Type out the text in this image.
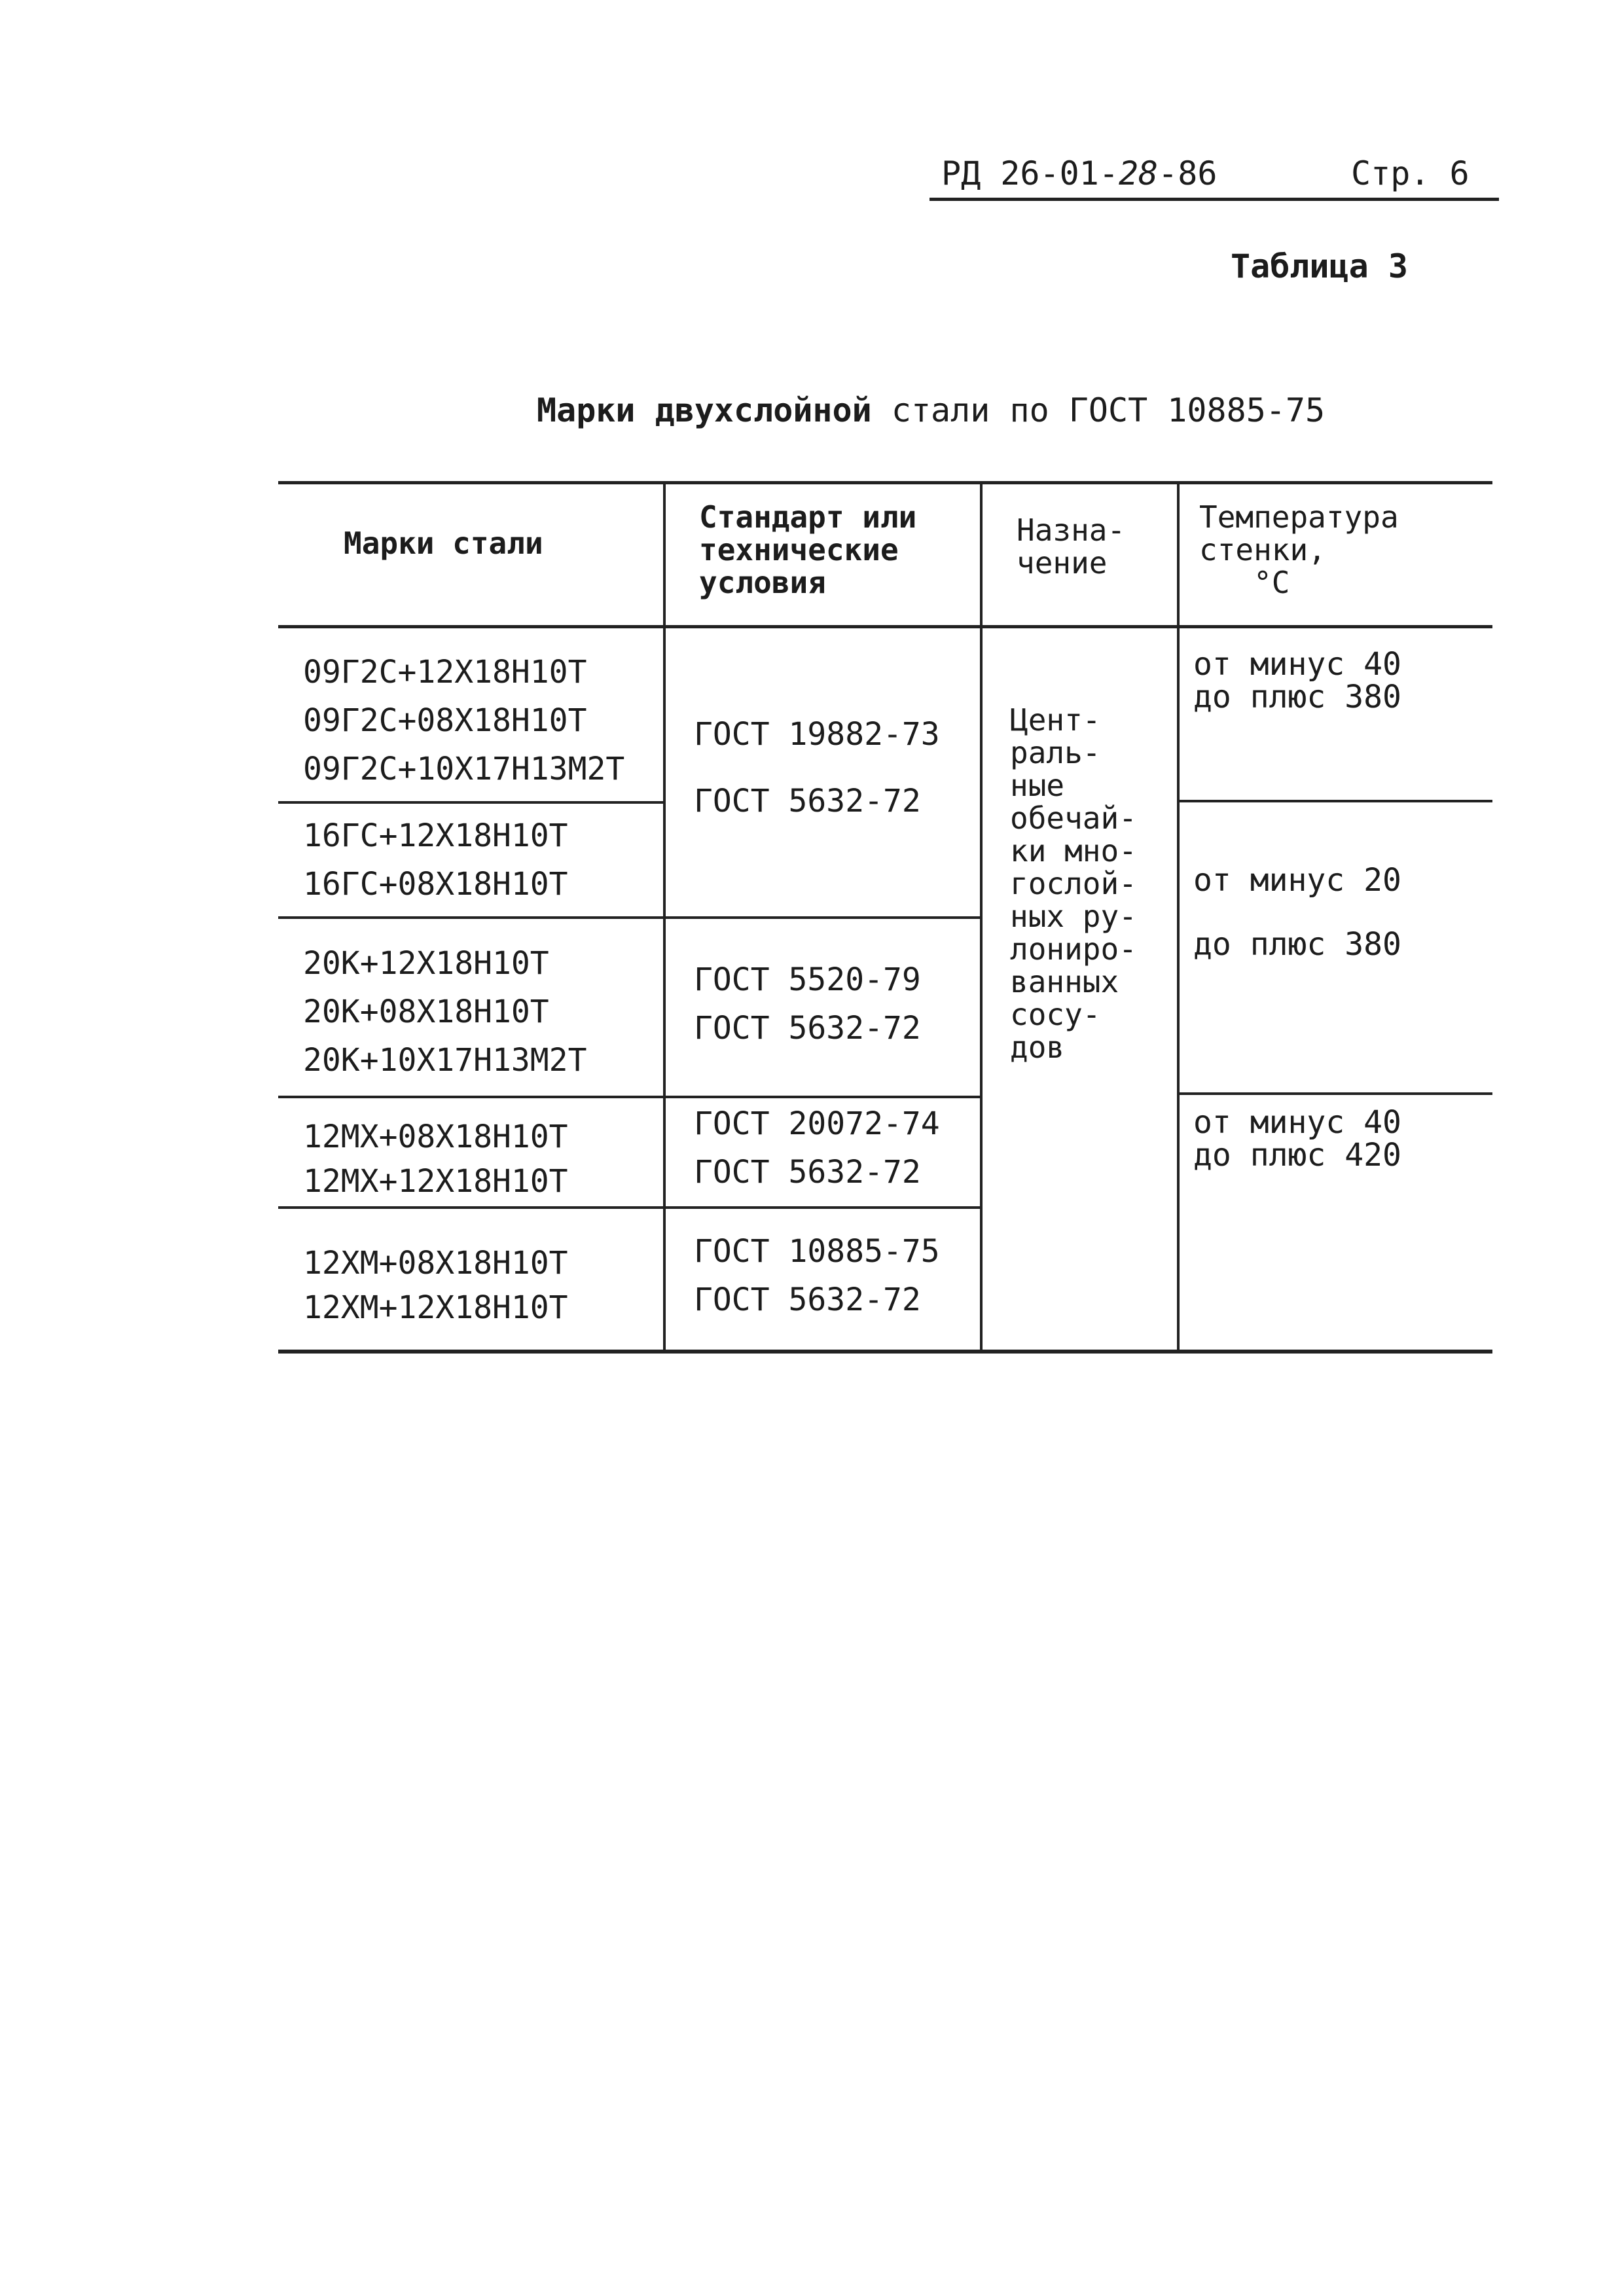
РД 26-01-28-86	Стр. 6
Таблица 3
Марки двухслойной стали по ГОСТ 10885-75
Марки стали
Стандарт или
технические
условия
Назна-
чение
Температура
стенки,
°C
09Г2С+12Х18Н10Т
09Г2С+08Х18Н10Т
09Г2С+10Х17Н13М2Т
16ГС+12Х18Н10Т
16ГС+08Х18Н10Т
20К+12Х18Н10Т
20К+08Х18Н10Т
20К+10Х17Н13М2Т
12МХ+08Х18Н10Т
12МХ+12Х18Н10Т
12ХМ+08Х18Н10Т
12ХМ+12Х18Н10Т
ГОСТ 19882-73
ГОСТ 5632-72
ГОСТ 5520-79
ГОСТ 5632-72
ГОСТ 20072-74
ГОСТ 5632-72
ГОСТ 10885-75
ГОСТ 5632-72
Цент-
раль-
ные
обечай-
ки мно-
гослой-
ных ру-
лониро-
ванных
сосу-
дов
от минус 40
до плюс 380
от минус 20
до плюс 380
от минус 40
до плюс 420
